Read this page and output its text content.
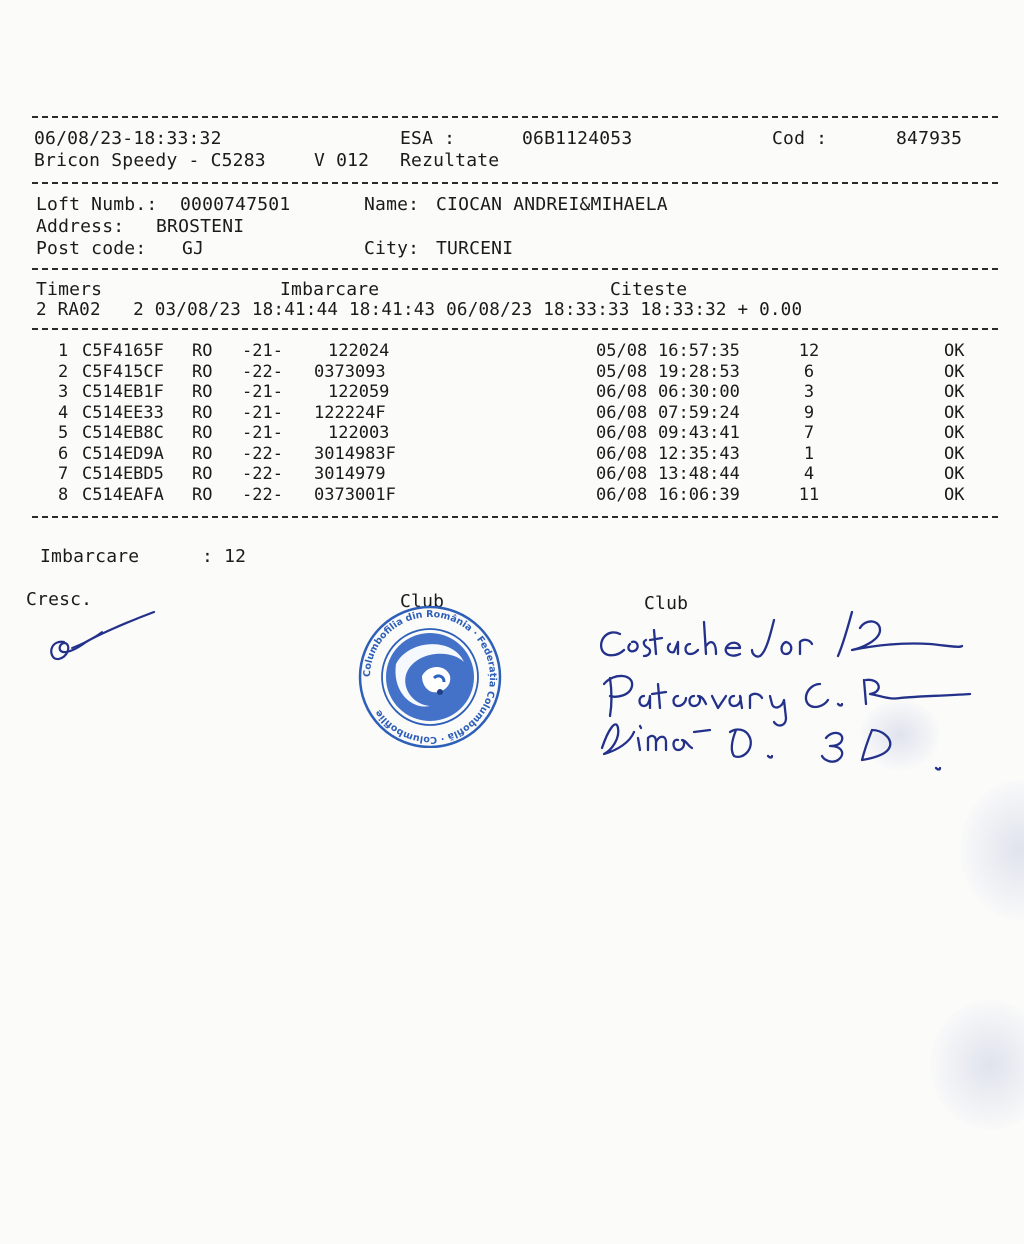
06/08/23-18:33:32	ESA :	06B1124053	Cod :	847935
Bricon Speedy - C5283	V 012 Rezultate
Loft Numb.: 0000747501	Name: CIOCAN ANDREI&MIHAELA
Address: BROSTENI
Post code: GJ	City: TURCENI
Timers	Imbarcare	Citeste
2 RA02   2 03/08/23 18:41:44 18:41:43 06/08/23 18:33:33 18:33:32 + 0.00
1 C5F4165F RO -21-	122024	05/08 16:57:35	12	OK
2 C5F415CF RO -22- 0373093	05/08 19:28:53	6	OK
3 C514EB1F RO -21-	122059	06/08 06:30:00	3	OK
4 C514EE33 RO -21- 122224F	06/08 07:59:24	9	OK
5 C514EB8C RO -21-	122003	06/08 09:43:41	7	OK
6 C514ED9A RO -22- 3014983F	06/08 12:35:43	1	OK
7 C514EBD5 RO -22- 3014979	06/08 13:48:44	4	OK
8 C514EAFA RO -22- 0373001F	06/08 16:06:39	11	OK
Imbarcare	: 12
Cresc.	Club	Club
Columbofilia din România · Federația Columbofilă · Columbofilie
